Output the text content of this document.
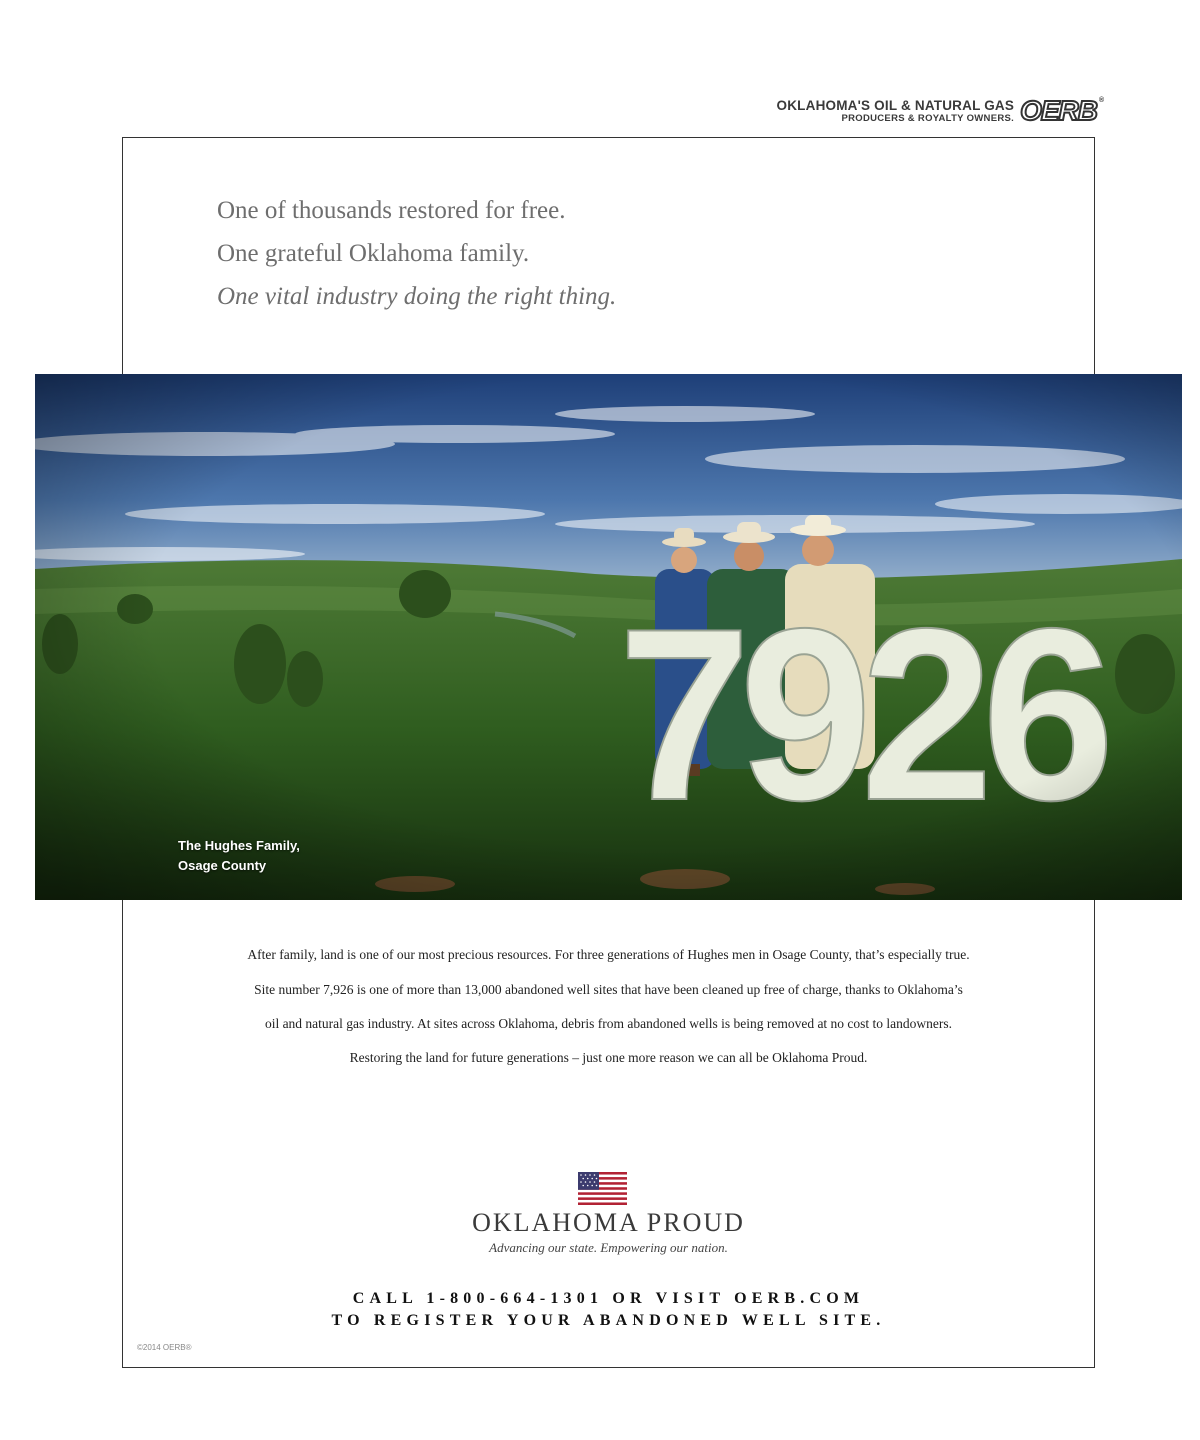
OKLAHOMA'S OIL & NATURAL GAS
PRODUCERS & ROYALTY OWNERS. OERB ®
One of thousands restored for free.
One grateful Oklahoma family.
One vital industry doing the right thing.
The Hughes Family,
Osage County
After family, land is one of our most precious resources. For three generations of Hughes men in Osage County, that’s especially true.
Site number 7,926 is one of more than 13,000 abandoned well sites that have been cleaned up free of charge, thanks to Oklahoma’s
oil and natural gas industry. At sites across Oklahoma, debris from abandoned wells is being removed at no cost to landowners.
Restoring the land for future generations – just one more reason we can all be Oklahoma Proud.
OKLAHOMA PROUD
Advancing our state. Empowering our nation.
CALL 1-800-664-1301 OR VISIT OERB.COM
TO REGISTER YOUR ABANDONED WELL SITE.
©2014 OERB®
